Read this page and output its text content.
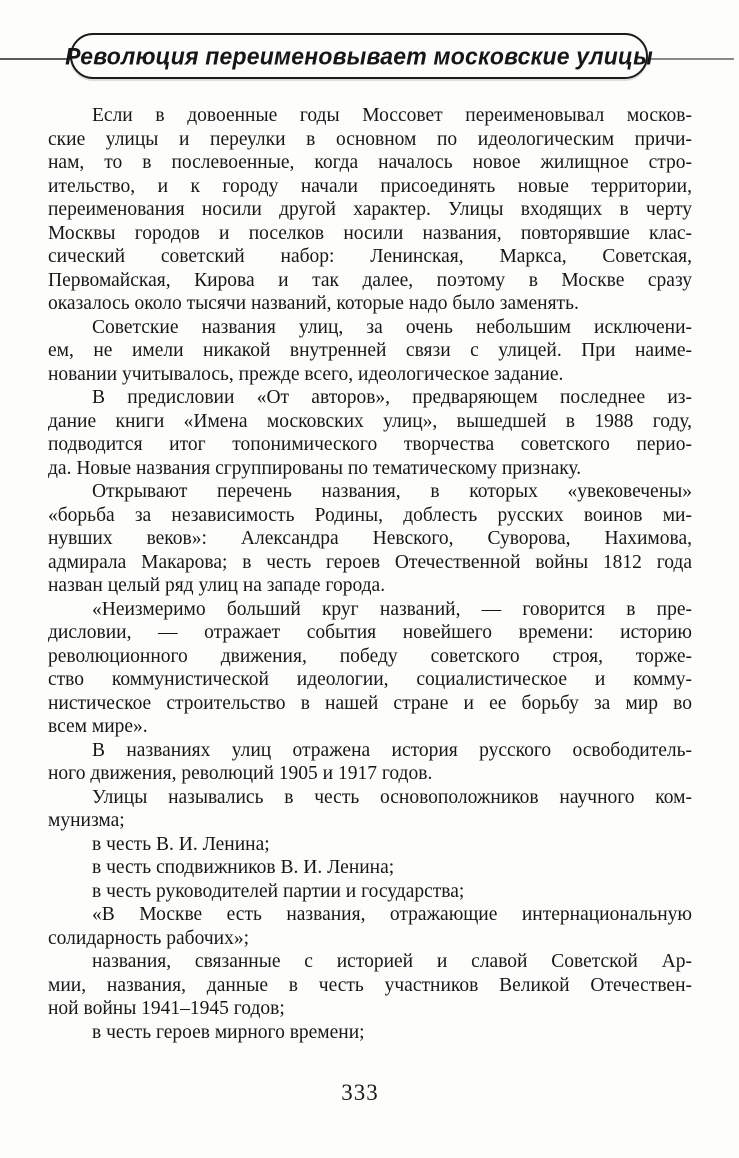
Революция переименовывает московские улицы
Если в довоенные годы Моссовет переименовывал москов-
ские улицы и переулки в основном по идеологическим причи-
нам, то в послевоенные, когда началось новое жилищное стро-
ительство, и к городу начали присоединять новые территории,
переименования носили другой характер. Улицы входящих в черту
Москвы городов и поселков носили названия, повторявшие клас-
сический советский набор: Ленинская, Маркса, Советская,
Первомайская, Кирова и так далее, поэтому в Москве сразу
оказалось около тысячи названий, которые надо было заменять.
Советские названия улиц, за очень небольшим исключени-
ем, не имели никакой внутренней связи с улицей. При наиме-
новании учитывалось, прежде всего, идеологическое задание.
В предисловии «От авторов», предваряющем последнее из-
дание книги «Имена московских улиц», вышедшей в 1988 году,
подводится итог топонимического творчества советского перио-
да. Новые названия сгруппированы по тематическому признаку.
Открывают перечень названия, в которых «увековечены»
«борьба за независимость Родины, доблесть русских воинов ми-
нувших веков»: Александра Невского, Суворова, Нахимова,
адмирала Макарова; в честь героев Отечественной войны 1812 года
назван целый ряд улиц на западе города.
«Неизмеримо больший круг названий, — говорится в пре-
дисловии, — отражает события новейшего времени: историю
революционного движения, победу советского строя, торже-
ство коммунистической идеологии, социалистическое и комму-
нистическое строительство в нашей стране и ее борьбу за мир во
всем мире».
В названиях улиц отражена история русского освободитель-
ного движения, революций 1905 и 1917 годов.
Улицы назывались в честь основоположников научного ком-
мунизма;
в честь В. И. Ленина;
в честь сподвижников В. И. Ленина;
в честь руководителей партии и государства;
«В Москве есть названия, отражающие интернациональную
солидарность рабочих»;
названия, связанные с историей и славой Советской Ар-
мии, названия, данные в честь участников Великой Отечествен-
ной войны 1941–1945 годов;
в честь героев мирного времени;
333
